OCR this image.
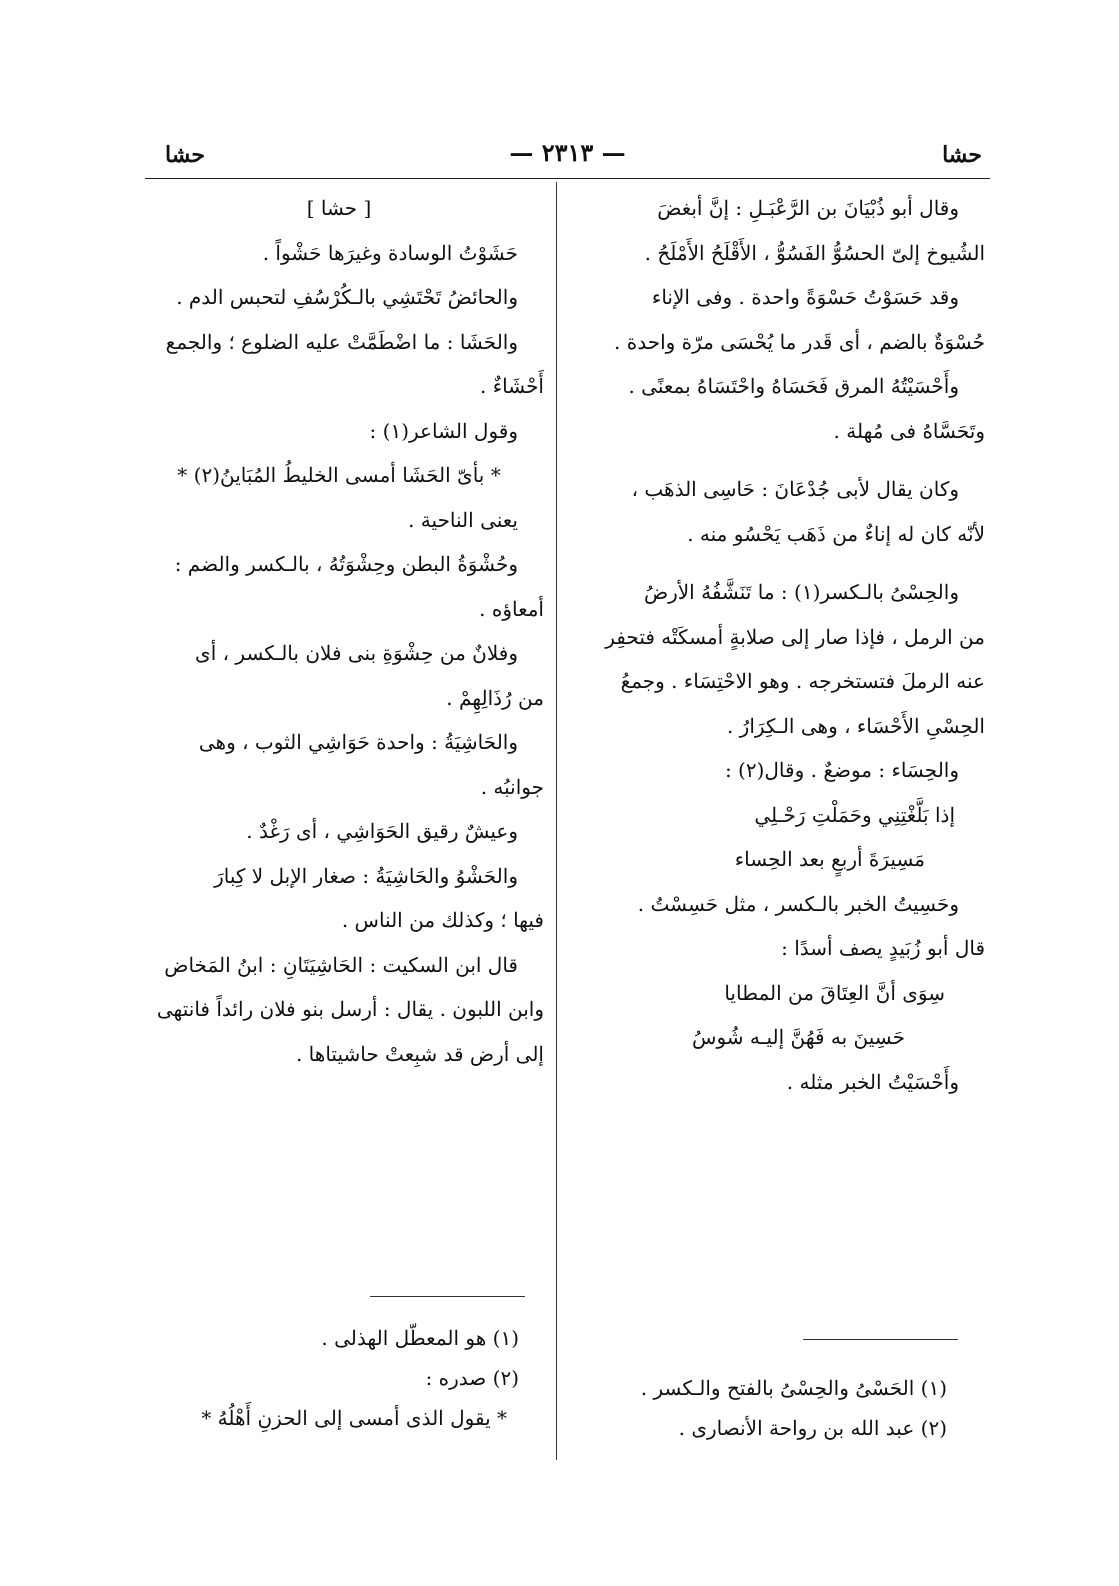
حشا
— ٢٣١٣ —
حشا

وقال أبو ذُبْيَانَ بن الرَّعْبَـلِ : إنَّ أبغضَ

الشُيوخ إلىّ الحسُوُّ الفَسُوُّ ، الأَقْلَحُ الأَمْلَحُ .

وقد حَسَوْتُ حَسْوَةً واحدة . وفى الإناء

حُسْوَةٌ بالضم ، أى قَدر ما يُحْسَى مرّة واحدة .

وأَحْسَيْتُهُ المرق فَحَسَاهُ واحْتَسَاهُ بمعنًى .

وتَحَسَّاهُ فى مُهلة .

وكان يقال لأبى جُدْعَانَ : حَاسِى الذهَب ،

لأنّه كان له إناءٌ من ذَهَب يَحْسُو منه .

والحِسْىُ بالـكسر(١) : ما تَنَشَّفُهُ الأرضُ

من الرمل ، فإذا صار إلى صلابةٍ أمسكَتْه فتحفِر

عنه الرملَ فتستخرجه . وهو الاحْتِسَاء . وجمعُ

الحِسْىِ الأَحْسَاء ، وهى الـكِرَارُ .

والحِسَاء : موضعٌ . وقال(٢) :

إذا بَلَّغْتِنِي وحَمَلْتِ رَحْـلِي

مَسِيرَةَ أربعٍ بعد الحِساء

وحَسِيتُ الخبر بالـكسر ، مثل حَسِسْتُ .

قال أبو زُبَيدٍ يصف أسدًا :

سِوَى أنَّ العِتَاقَ من المطايا

حَسِينَ به فَهُنَّ إليـه شُوسُ

وأَحْسَيْتُ الخبر مثله .

(١) الحَسْىُ والحِسْىُ بالفتح والـكسر .
(٢) عبد الله بن رواحة الأنصارى .

[ حشا ]

حَشَوْتُ الوسادة وغيرَها حَشْواً .

والحائضُ تَحْتَشِي بالـكُرْسُفِ لتحبس الدم .

والحَشَا : ما اضْطَمَّتْ عليه الضلوع ؛ والجمع

أَحْشَاءٌ .

وقول الشاعر(١) :

* بأىّ الحَشَا أمسى الخليطُ المُبَاينُ(٢) *

يعنى الناحية .

وحُشْوَةُ البطن وحِشْوَتُهُ ، بالـكسر والضم :

أمعاؤه .

وفلانٌ من حِشْوَةِ بنى فلان بالـكسر ، أى

من رُذَالِهِمْ .

والحَاشِيَةُ : واحدة حَوَاشِي الثوب ، وهى

جوانبُه .

وعيشٌ رقيق الحَوَاشِي ، أى رَغْدٌ .

والحَشْوُ والحَاشِيَةُ : صغار الإبل لا كِبارَ

فيها ؛ وكذلك من الناس .

قال ابن السكيت : الحَاشِيَتَانِ : ابنُ المَخاض

وابن اللبون . يقال : أرسل بنو فلان رائداً فانتهى

إلى أرض قد شبِعتْ حاشيتاها .

(١) هو المعطّل الهذلى .
(٢) صدره :
* يقول الذى أمسى إلى الحزنِ أَهْلُهُ *
